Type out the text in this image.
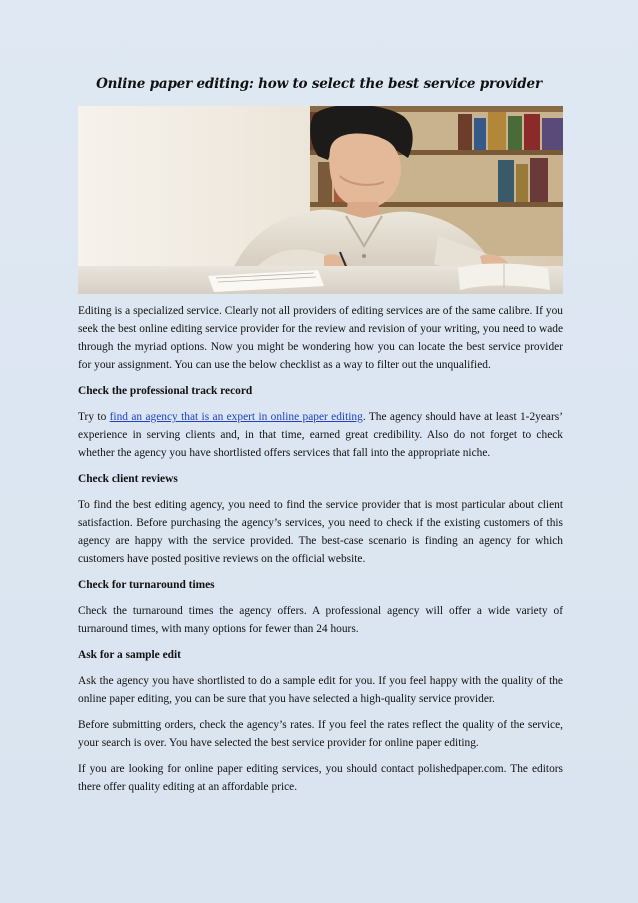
Online paper editing: how to select the best service provider

Editing is a specialized service. Clearly not all providers of editing services are of the same calibre. If you seek the best online editing service provider for the review and revision of your writing, you need to wade through the myriad options. Now you might be wondering how you can locate the best service provider for your assignment. You can use the below checklist as a way to filter out the unqualified.

Check the professional track record

Try to find an agency that is an expert in online paper editing. The agency should have at least 1-2years’ experience in serving clients and, in that time, earned great credibility. Also do not forget to check whether the agency you have shortlisted offers services that fall into the appropriate niche.

Check client reviews

To find the best editing agency, you need to find the service provider that is most particular about client satisfaction. Before purchasing the agency’s services, you need to check if the existing customers of this agency are happy with the service provided. The best-case scenario is finding an agency for which customers have posted positive reviews on the official website.

Check for turnaround times

Check the turnaround times the agency offers. A professional agency will offer a wide variety of turnaround times, with many options for fewer than 24 hours.

Ask for a sample edit

Ask the agency you have shortlisted to do a sample edit for you. If you feel happy with the quality of the online paper editing, you can be sure that you have selected a high-quality service provider.

Before submitting orders, check the agency’s rates. If you feel the rates reflect the quality of the service, your search is over. You have selected the best service provider for online paper editing.

If you are looking for online paper editing services, you should contact polishedpaper.com. The editors there offer quality editing at an affordable price.
